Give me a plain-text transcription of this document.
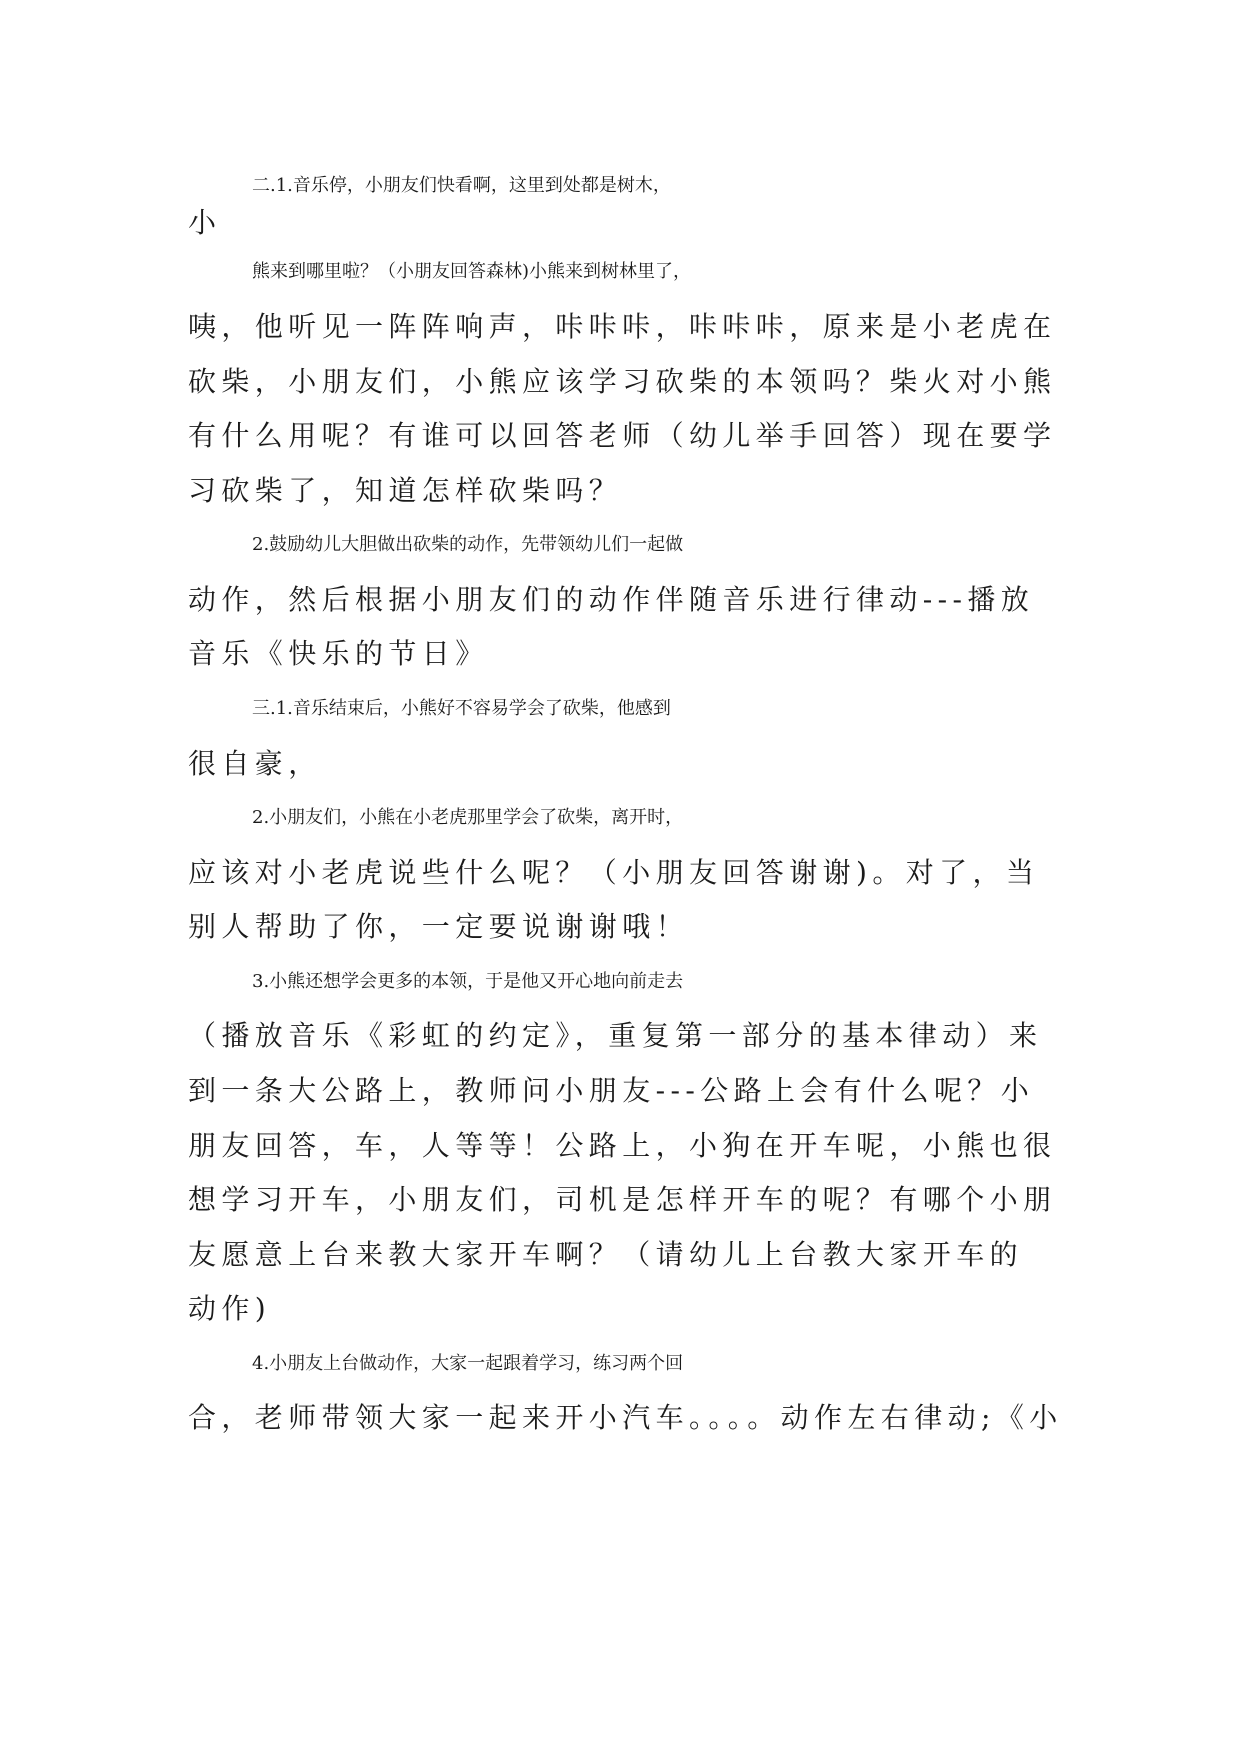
二.1.音乐停，小朋友们快看啊，这里到处都是树木，
小
熊来到哪里啦？（小朋友回答森林)小熊来到树林里了，
咦，他听见一阵阵响声，咔咔咔，咔咔咔，原来是小老虎在
砍柴，小朋友们，小熊应该学习砍柴的本领吗？柴火对小熊
有什么用呢？有谁可以回答老师（幼儿举手回答）现在要学
习砍柴了，知道怎样砍柴吗？
2.鼓励幼儿大胆做出砍柴的动作，先带领幼儿们一起做
动作，然后根据小朋友们的动作伴随音乐进行律动---播放
音乐《快乐的节日》
三.1.音乐结束后，小熊好不容易学会了砍柴，他感到
很自豪，
2.小朋友们，小熊在小老虎那里学会了砍柴，离开时，
应该对小老虎说些什么呢？（小朋友回答谢谢)。对了，当
别人帮助了你，一定要说谢谢哦！
3.小熊还想学会更多的本领，于是他又开心地向前走去
（播放音乐《彩虹的约定》，重复第一部分的基本律动）来
到一条大公路上，教师问小朋友---公路上会有什么呢？小
朋友回答，车，人等等！公路上，小狗在开车呢，小熊也很
想学习开车，小朋友们，司机是怎样开车的呢？有哪个小朋
友愿意上台来教大家开车啊？（请幼儿上台教大家开车的
动作)
4.小朋友上台做动作，大家一起跟着学习，练习两个回
合，老师带领大家一起来开小汽车。。。。动作左右律动;《小
